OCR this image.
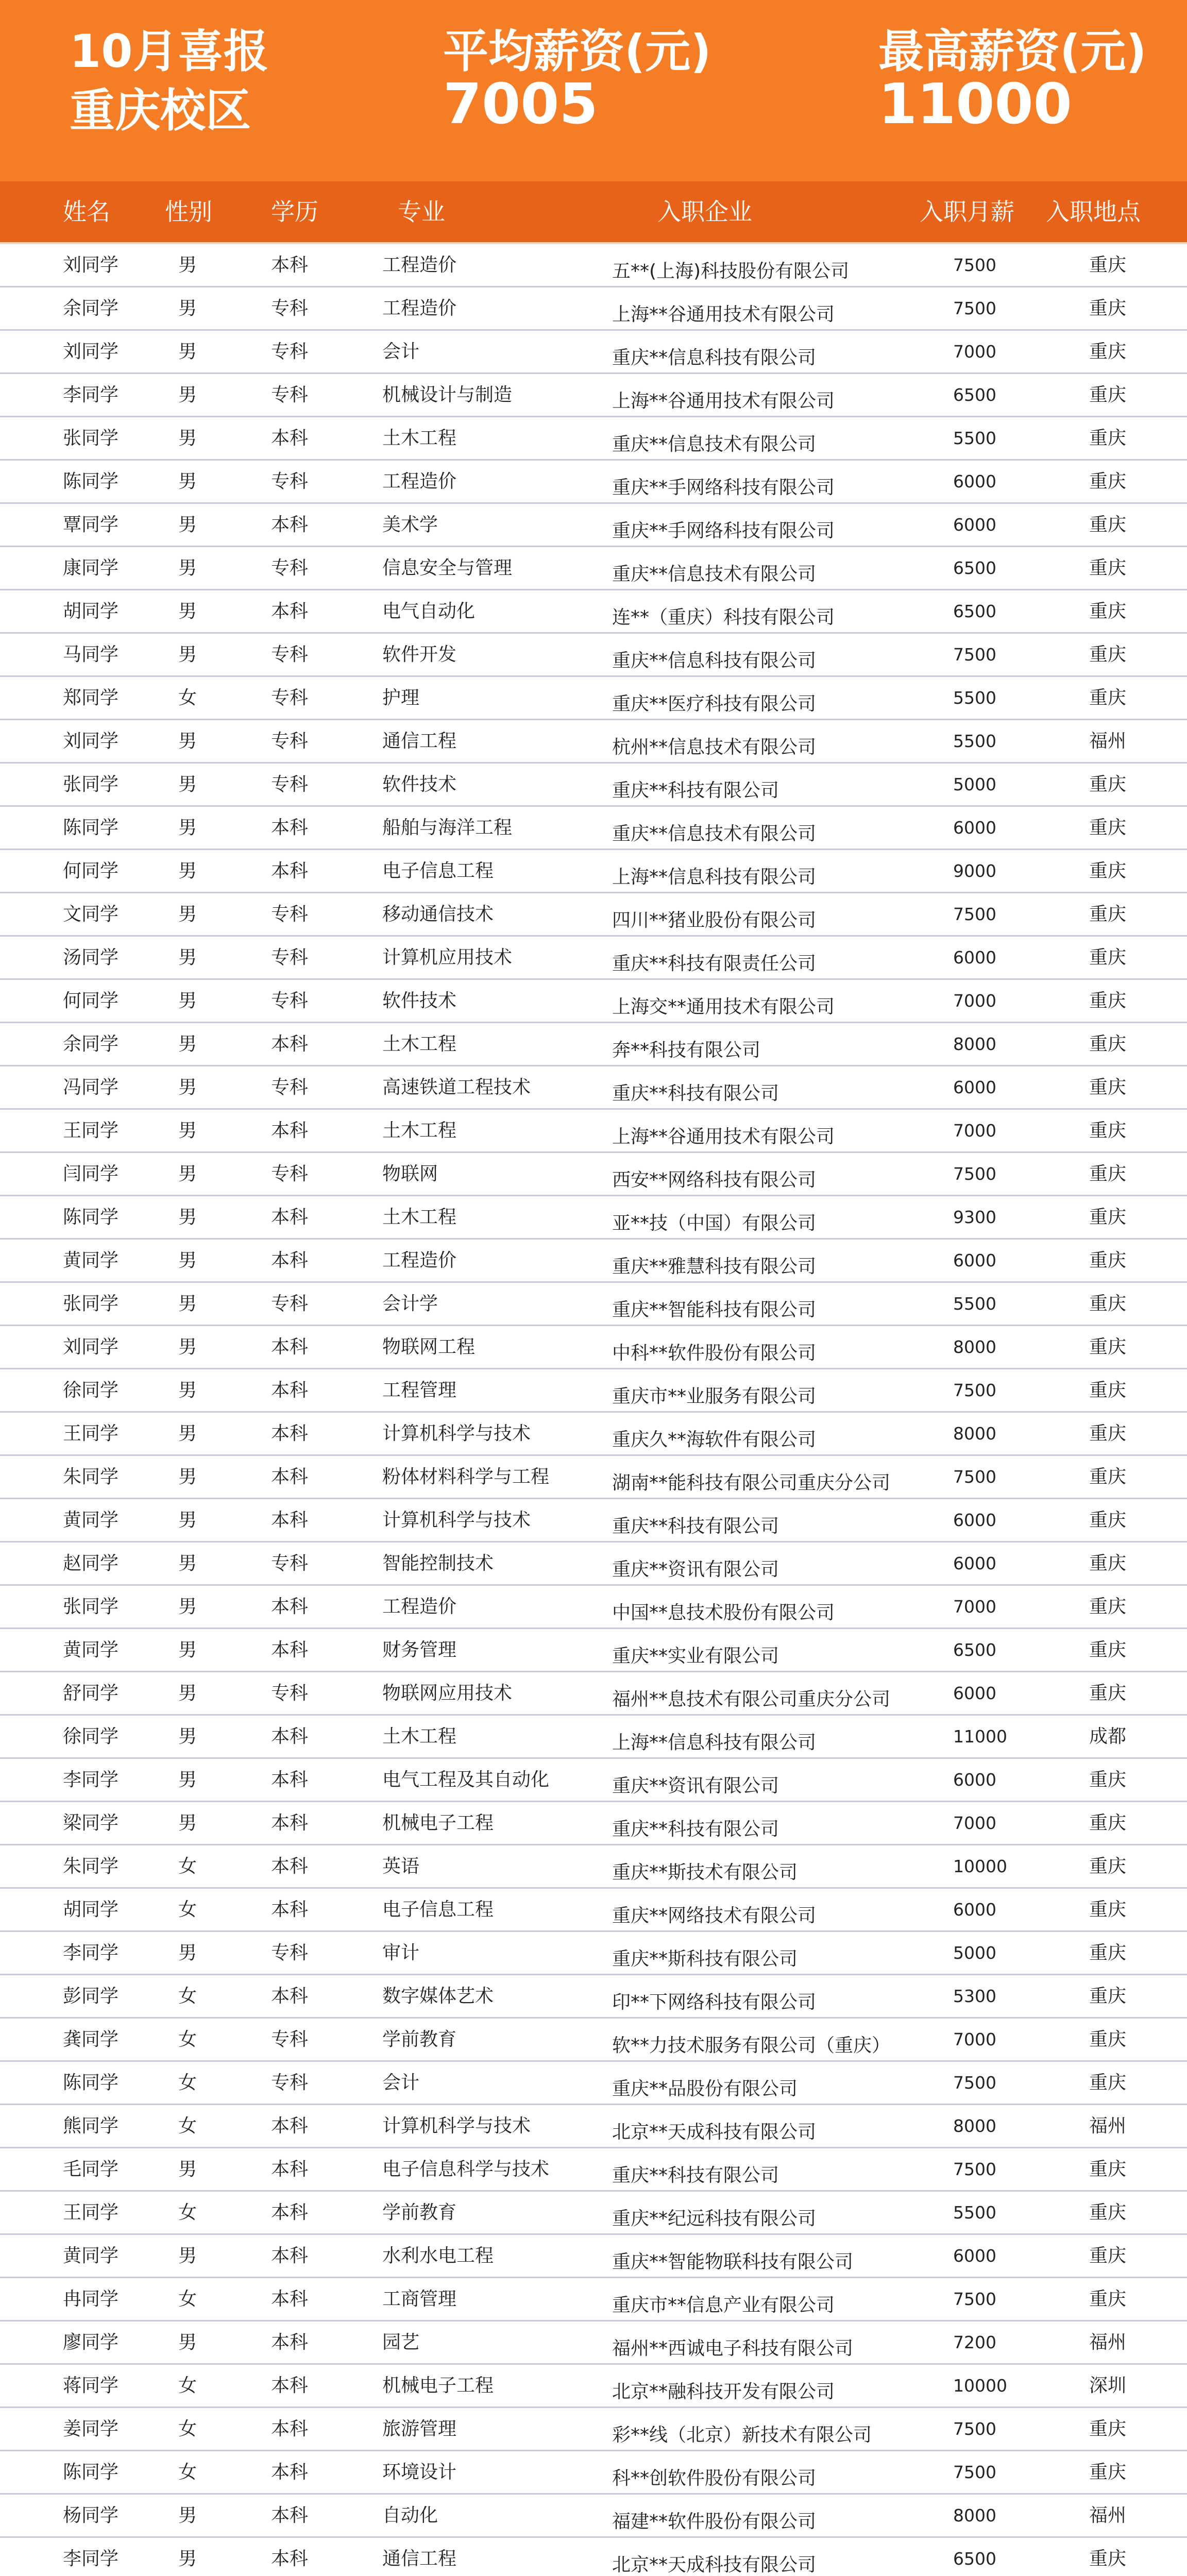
10月喜报
重庆校区
平均薪资(元)
7005
最高薪资(元)
11000
姓名 性别 学历	专业	入职企业	入职月薪 入职地点
刘同学	男	本科	工程造价	五**(上海)科技股份有限公司	7500	重庆
余同学	男	专科	工程造价	上海**谷通用技术有限公司	7500	重庆
刘同学	男	专科	会计	重庆**信息科技有限公司	7000	重庆
李同学	男	专科	机械设计与制造	上海**谷通用技术有限公司	6500	重庆
张同学	男	本科	土木工程	重庆**信息技术有限公司	5500	重庆
陈同学	男	专科	工程造价	重庆**手网络科技有限公司	6000	重庆
覃同学	男	本科	美术学	重庆**手网络科技有限公司	6000	重庆
康同学	男	专科	信息安全与管理	重庆**信息技术有限公司	6500	重庆
胡同学	男	本科	电气自动化	连**（重庆）科技有限公司	6500	重庆
马同学	男	专科	软件开发	重庆**信息科技有限公司	7500	重庆
郑同学	女	专科	护理	重庆**医疗科技有限公司	5500	重庆
刘同学	男	专科	通信工程	杭州**信息技术有限公司	5500	福州
张同学	男	专科	软件技术	重庆**科技有限公司	5000	重庆
陈同学	男	本科	船舶与海洋工程	重庆**信息技术有限公司	6000	重庆
何同学	男	本科	电子信息工程	上海**信息科技有限公司	9000	重庆
文同学	男	专科	移动通信技术	四川**猪业股份有限公司	7500	重庆
汤同学	男	专科	计算机应用技术	重庆**科技有限责任公司	6000	重庆
何同学	男	专科	软件技术	上海交**通用技术有限公司	7000	重庆
余同学	男	本科	土木工程	奔**科技有限公司	8000	重庆
冯同学	男	专科	高速铁道工程技术	重庆**科技有限公司	6000	重庆
王同学	男	本科	土木工程	上海**谷通用技术有限公司	7000	重庆
闫同学	男	专科	物联网	西安**网络科技有限公司	7500	重庆
陈同学	男	本科	土木工程	亚**技（中国）有限公司	9300	重庆
黄同学	男	本科	工程造价	重庆**雅慧科技有限公司	6000	重庆
张同学	男	专科	会计学	重庆**智能科技有限公司	5500	重庆
刘同学	男	本科	物联网工程	中科**软件股份有限公司	8000	重庆
徐同学	男	本科	工程管理	重庆市**业服务有限公司	7500	重庆
王同学	男	本科	计算机科学与技术	重庆久**海软件有限公司	8000	重庆
朱同学	男	本科	粉体材料科学与工程	湖南**能科技有限公司重庆分公司	7500	重庆
黄同学	男	本科	计算机科学与技术	重庆**科技有限公司	6000	重庆
赵同学	男	专科	智能控制技术	重庆**资讯有限公司	6000	重庆
张同学	男	本科	工程造价	中国**息技术股份有限公司	7000	重庆
黄同学	男	本科	财务管理	重庆**实业有限公司	6500	重庆
舒同学	男	专科	物联网应用技术	福州**息技术有限公司重庆分公司	6000	重庆
徐同学	男	本科	土木工程	上海**信息科技有限公司	11000	成都
李同学	男	本科	电气工程及其自动化	重庆**资讯有限公司	6000	重庆
梁同学	男	本科	机械电子工程	重庆**科技有限公司	7000	重庆
朱同学	女	本科	英语	重庆**斯技术有限公司	10000	重庆
胡同学	女	本科	电子信息工程	重庆**网络技术有限公司	6000	重庆
李同学	男	专科	审计	重庆**斯科技有限公司	5000	重庆
彭同学	女	本科	数字媒体艺术	印**下网络科技有限公司	5300	重庆
龚同学	女	专科	学前教育	软**力技术服务有限公司（重庆）	7000	重庆
陈同学	女	专科	会计	重庆**品股份有限公司	7500	重庆
熊同学	女	本科	计算机科学与技术	北京**天成科技有限公司	8000	福州
毛同学	男	本科	电子信息科学与技术	重庆**科技有限公司	7500	重庆
王同学	女	本科	学前教育	重庆**纪远科技有限公司	5500	重庆
黄同学	男	本科	水利水电工程	重庆**智能物联科技有限公司	6000	重庆
冉同学	女	本科	工商管理	重庆市**信息产业有限公司	7500	重庆
廖同学	男	本科	园艺	福州**西诚电子科技有限公司	7200	福州
蒋同学	女	本科	机械电子工程	北京**融科技开发有限公司	10000	深圳
姜同学	女	本科	旅游管理	彩**线（北京）新技术有限公司	7500	重庆
陈同学	女	本科	环境设计	科**创软件股份有限公司	7500	重庆
杨同学	男	本科	自动化	福建**软件股份有限公司	8000	福州
李同学	男	本科	通信工程	北京**天成科技有限公司	6500	重庆
